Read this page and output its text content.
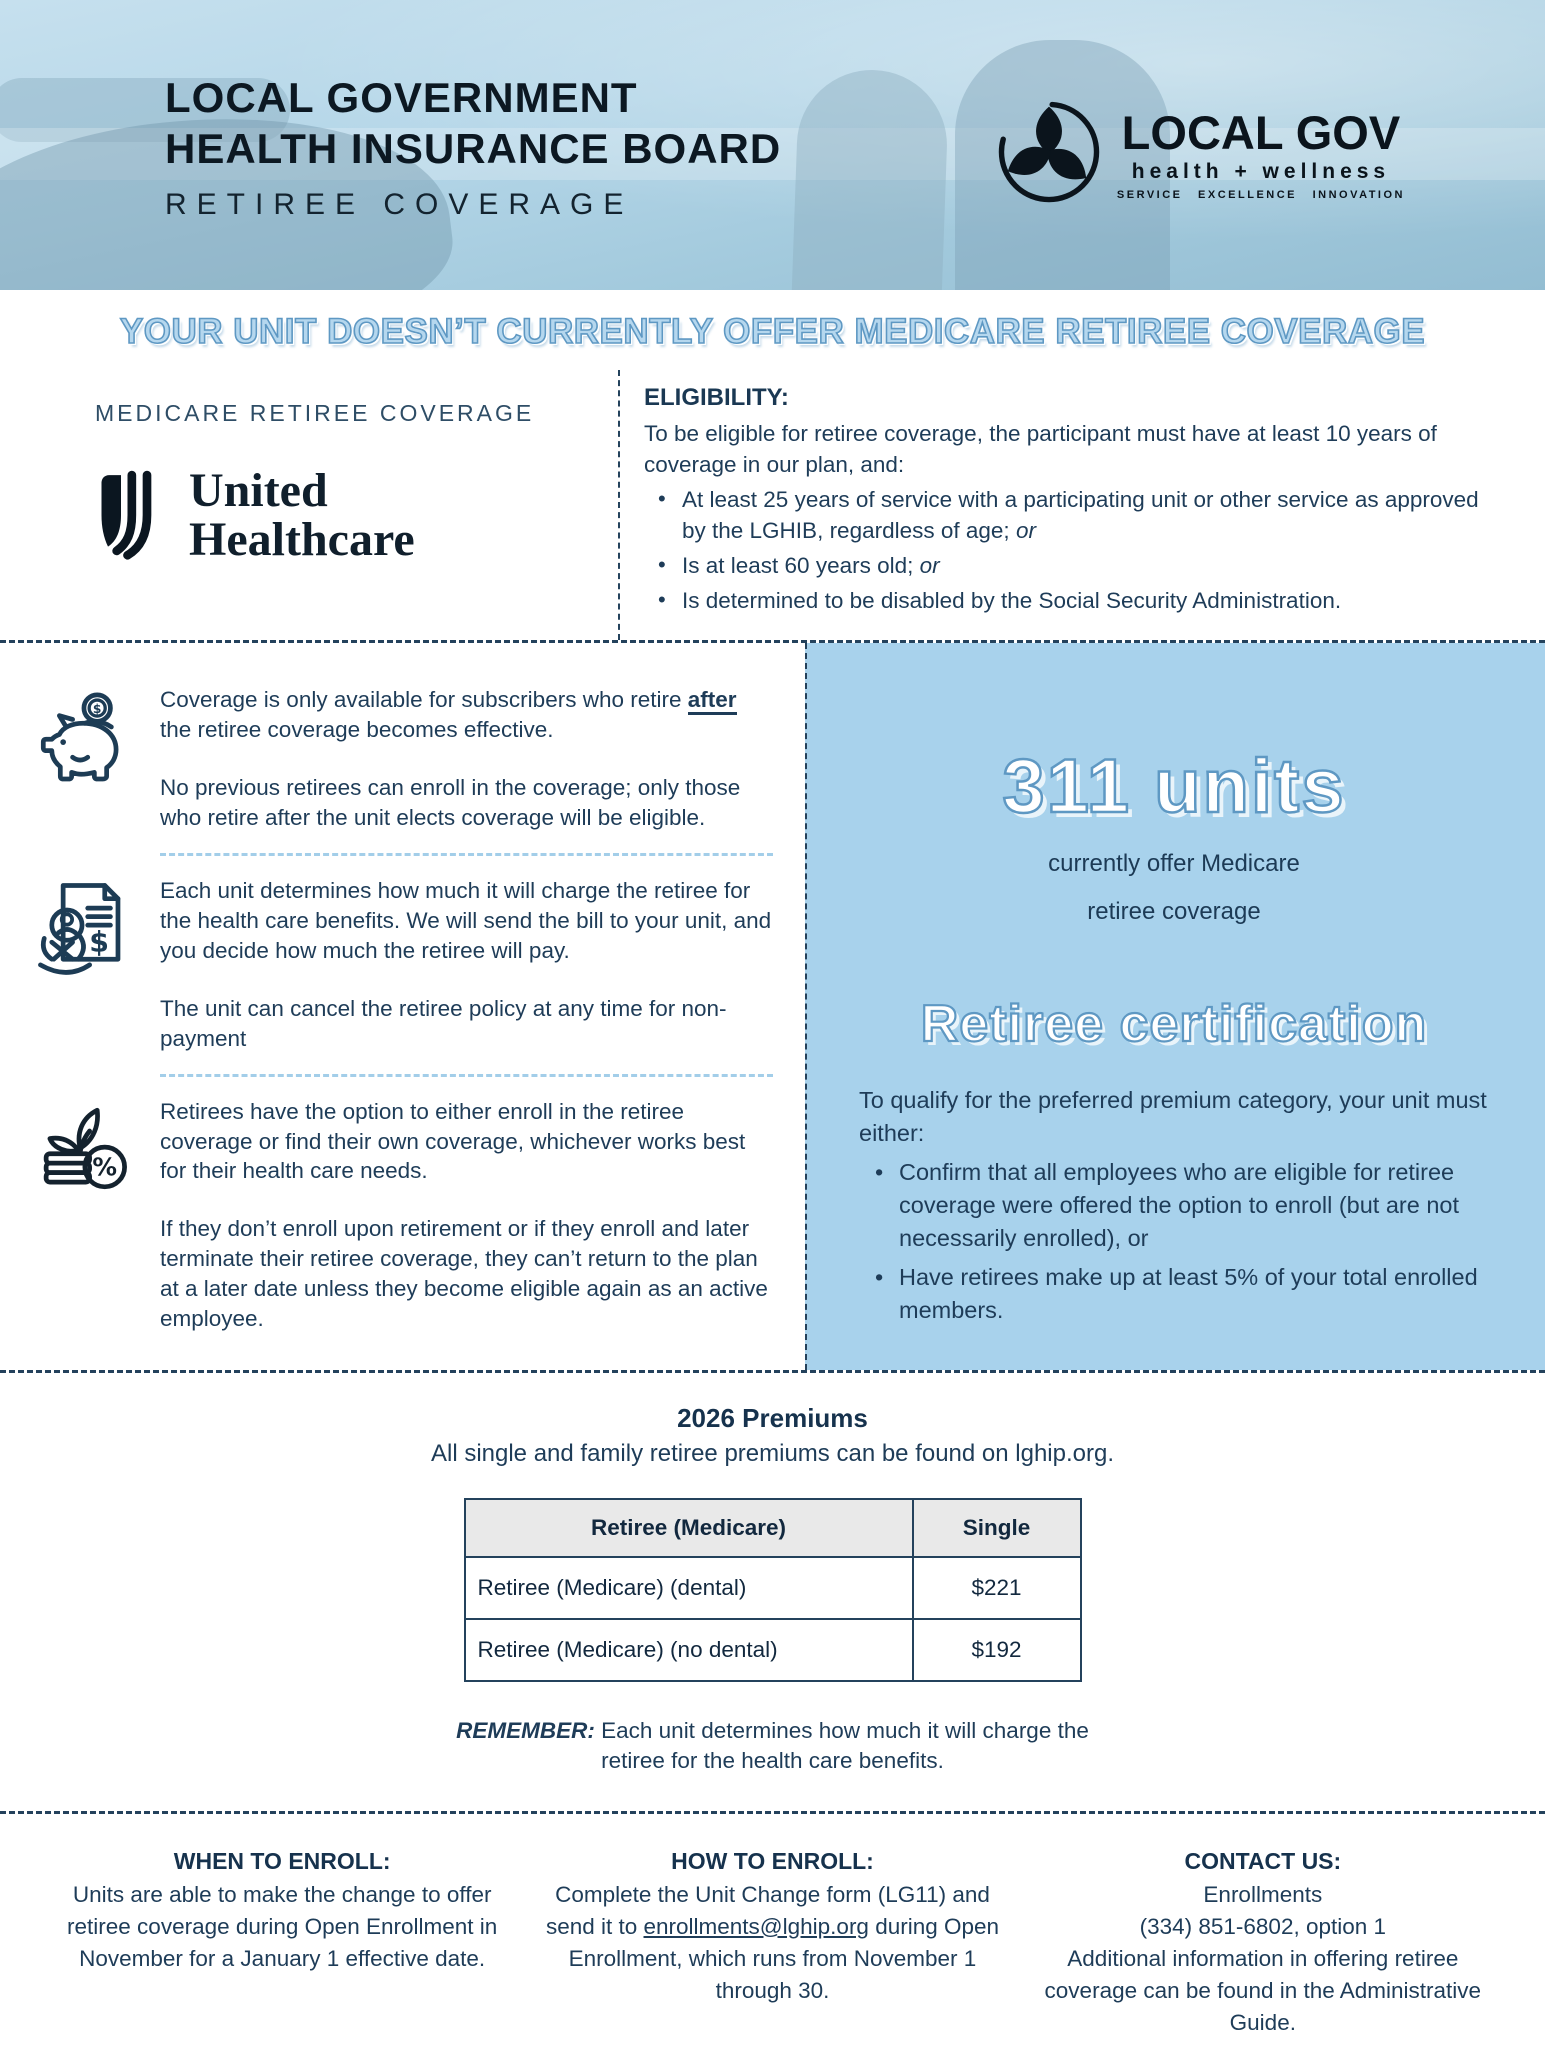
LOCAL GOVERNMENT
HEALTH INSURANCE BOARD
RETIREE COVERAGE
LOCAL GOV
health + wellness
SERVICE EXCELLENCE INNOVATION
YOUR UNIT DOESN’T CURRENTLY OFFER MEDICARE RETIREE COVERAGE
MEDICARE RETIREE COVERAGE
United
Healthcare
ELIGIBILITY:
To be eligible for retiree coverage, the participant must have at least 10 years of coverage in our plan, and:
• At least 25 years of service with a participating unit or other service as approved by the LGHIB, regardless of age; or
• Is at least 60 years old; or
• Is determined to be disabled by the Social Security Administration.
$	Coverage is only available for subscribers who retire after the retiree coverage becomes effective.

No previous retirees can enroll in the coverage; only those who retire after the unit elects coverage will be eligible.

$

Each unit determines how much it will charge the retiree for the health care benefits. We will send the bill to your unit, and you decide how much the retiree will pay.

The unit can cancel the retiree policy at any time for non-payment

%

Retirees have the option to either enroll in the retiree coverage or find their own coverage, whichever works best for their health care needs.

If they don’t enroll upon retirement or if they enroll and later terminate their retiree coverage, they can’t return to the plan at a later date unless they become eligible again as an active employee.

311 units
currently offer Medicare
retiree coverage
Retiree certification
To qualify for the preferred premium category, your unit must either:
• Confirm that all employees who are eligible for retiree coverage were offered the option to enroll (but are not necessarily enrolled), or
• Have retirees make up at least 5% of your total enrolled members.
2026 Premiums
All single and family retiree premiums can be found on lghip.org.
Retiree (Medicare)	Single
Retiree (Medicare) (dental)	$221
Retiree (Medicare) (no dental)	$192
REMEMBER: Each unit determines how much it will charge the retiree for the health care benefits.
WHEN TO ENROLL:
Units are able to make the change to offer retiree coverage during Open Enrollment in November for a January 1 effective date.
HOW TO ENROLL:
Complete the Unit Change form (LG11) and send it to enrollments@lghip.org during Open Enrollment, which runs from November 1 through 30.
CONTACT US:
Enrollments
(334) 851-6802, option 1
Additional information in offering retiree coverage can be found in the Administrative Guide.
